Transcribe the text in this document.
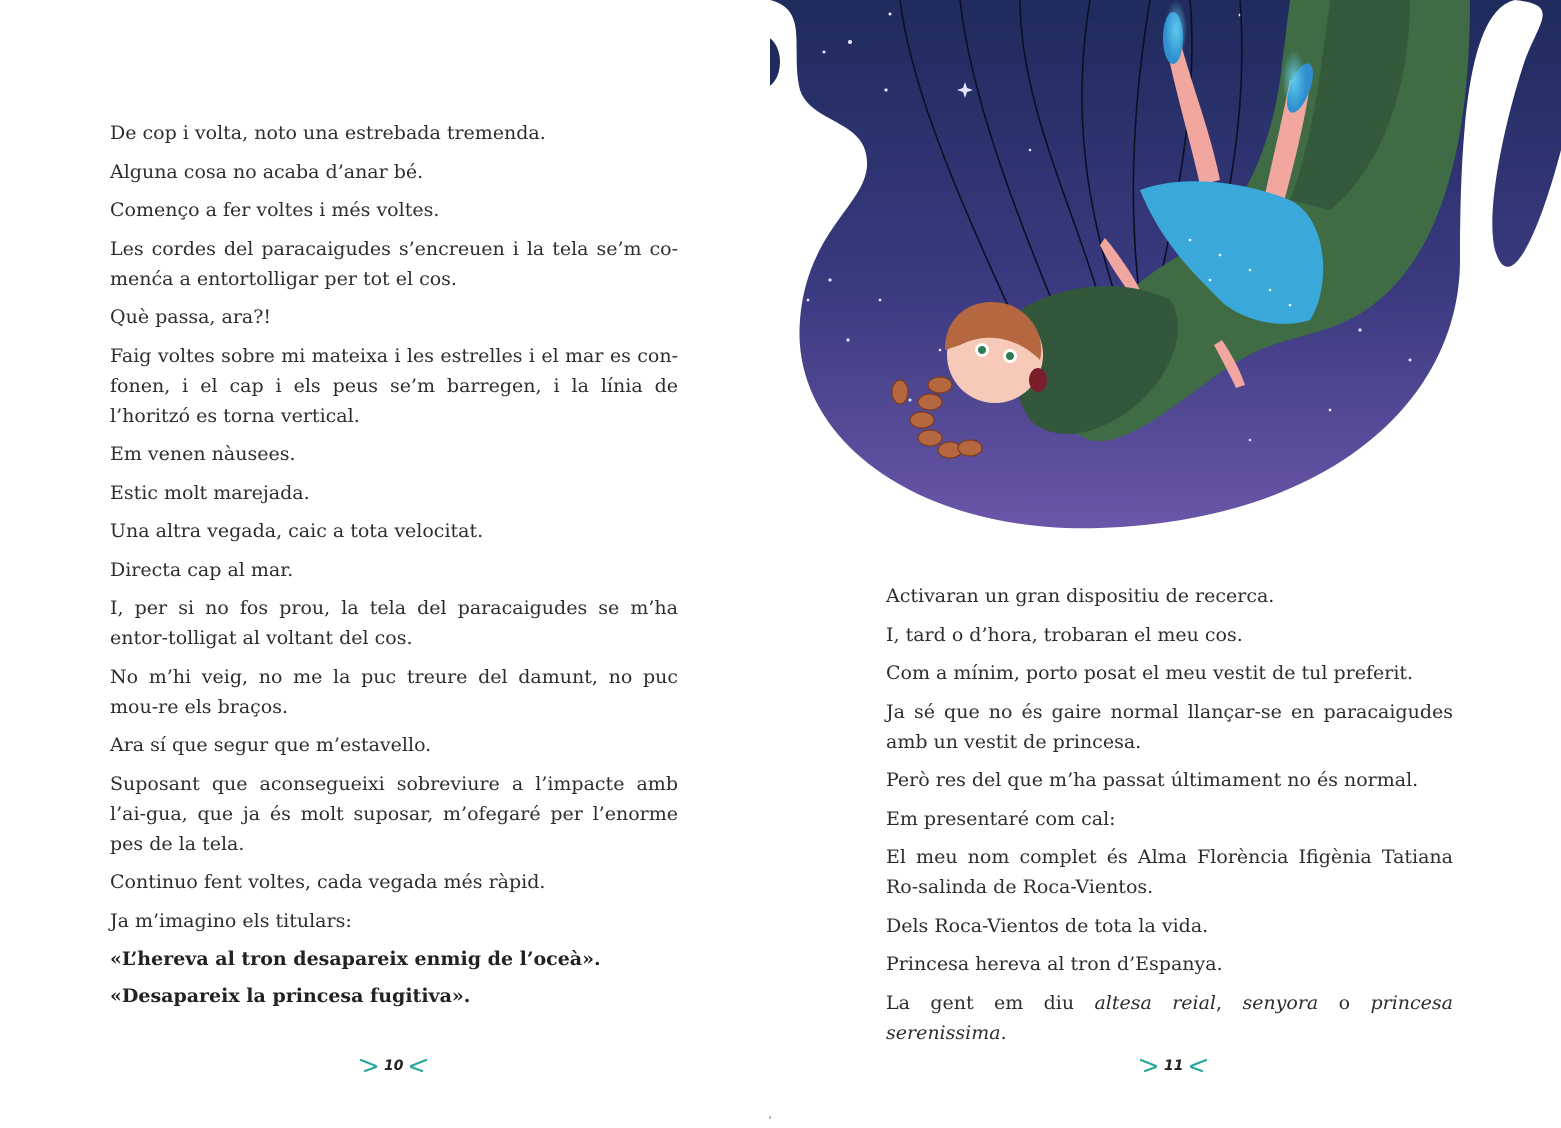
De cop i volta, noto una estrebada tremenda.

Alguna cosa no acaba d’anar bé.

Començo a fer voltes i més voltes.

Les cordes del paracaigudes s’encreuen i la tela se’m co-menća a entortolligar per tot el cos.

Què passa, ara?!

Faig voltes sobre mi mateixa i les estrelles i el mar es con-fonen, i el cap i els peus se’m barregen, i la línia de l’horitzó es torna vertical.

Em venen nàusees.

Estic molt marejada.

Una altra vegada, caic a tota velocitat.

Directa cap al mar.

I, per si no fos prou, la tela del paracaigudes se m’ha entor-tolligat al voltant del cos.

No m’hi veig, no me la puc treure del damunt, no puc mou-re els braços.

Ara sí que segur que m’estavello.

Suposant que aconsegueixi sobreviure a l’impacte amb l’ai-gua, que ja és molt suposar, m’ofegaré per l’enorme pes de la tela.

Continuo fent voltes, cada vegada més ràpid.

Ja m’imagino els titulars:

«L’hereva al tron desapareix enmig de l’oceà».

«Desapareix la princesa fugitiva».

10

Activaran un gran dispositiu de recerca.

I, tard o d’hora, trobaran el meu cos.

Com a mínim, porto posat el meu vestit de tul preferit.

Ja sé que no és gaire normal llançar-se en paracaigudes amb un vestit de princesa.

Però res del que m’ha passat últimament no és normal.

Em presentaré com cal:

El meu nom complet és Alma Florència Ifigènia Tatiana Ro-salinda de Roca-Vientos.

Dels Roca-Vientos de tota la vida.

Princesa hereva al tron d’Espanya.

La gent em diu altesa reial, senyora o princesa serenissima.

11
